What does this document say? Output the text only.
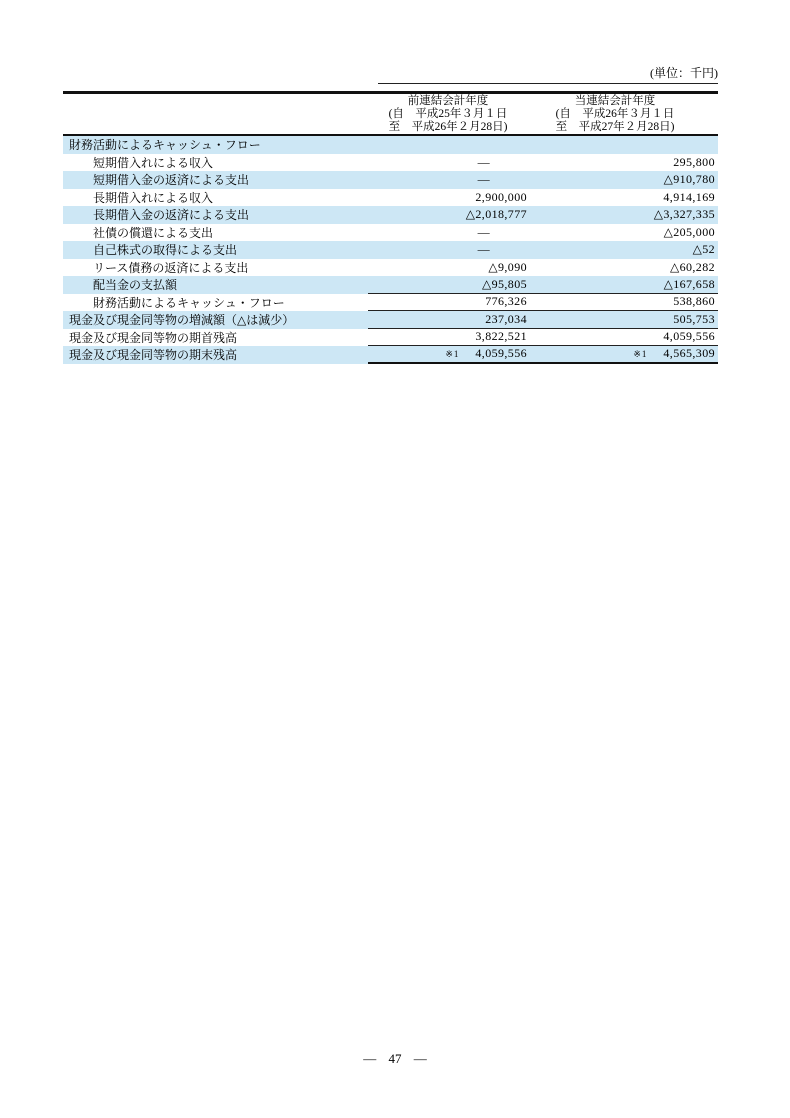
(単位：千円)
前連結会計年度
(自　平成25年３月１日
至　平成26年２月28日)
当連結会計年度
(自　平成26年３月１日
至　平成27年２月28日)
財務活動によるキャッシュ・フロー
短期借入れによる収入	―	295,800
短期借入金の返済による支出	―	△910,780
長期借入れによる収入	2,900,000	4,914,169
長期借入金の返済による支出	△2,018,777	△3,327,335
社債の償還による支出	―	△205,000
自己株式の取得による支出	―	△52
リース債務の返済による支出	△9,090	△60,282
配当金の支払額	△95,805	△167,658
財務活動によるキャッシュ・フロー	776,326	538,860
現金及び現金同等物の増減額（△は減少）	237,034	505,753
現金及び現金同等物の期首残高	3,822,521	4,059,556
現金及び現金同等物の期末残高	※1 4,059,556	※1 4,565,309
― 47 ―
